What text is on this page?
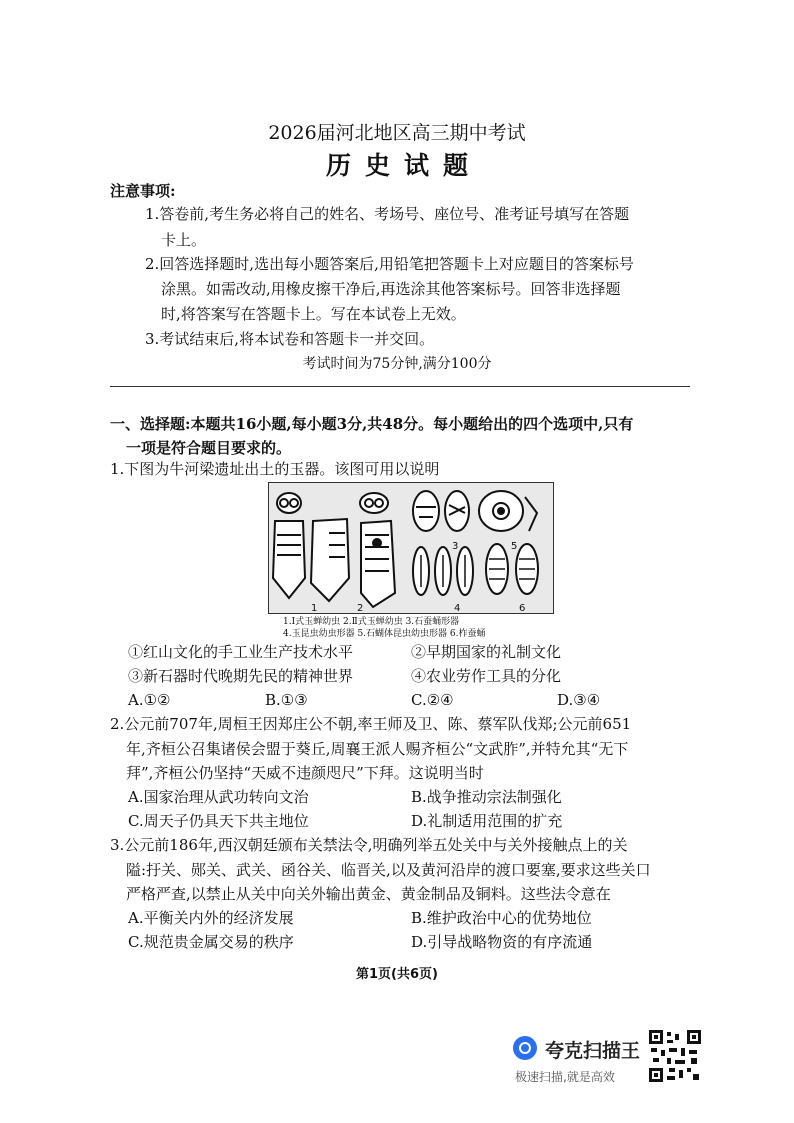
2026届河北地区高三期中考试
历史试题
注意事项:
1.答卷前,考生务必将自己的姓名、考场号、座位号、准考证号填写在答题
卡上。
2.回答选择题时,选出每小题答案后,用铅笔把答题卡上对应题目的答案标号
涂黑。如需改动,用橡皮擦干净后,再选涂其他答案标号。回答非选择题
时,将答案写在答题卡上。写在本试卷上无效。
3.考试结束后,将本试卷和答题卡一并交回。
考试时间为75分钟,满分100分
一、选择题:本题共16小题,每小题3分,共48分。每小题给出的四个选项中,只有
一项是符合题目要求的。
1.下图为牛河梁遗址出土的玉器。该图可用以说明
1	2
3
4
5
6
1.Ⅰ式玉蝉幼虫 2.Ⅱ式玉蝉幼虫 3.石蚕蛹形器
4.玉昆虫幼虫形器 5.石蝴体昆虫幼虫形器 6.柞蚕蛹
①红山文化的手工业生产技术水平	②早期国家的礼制文化
③新石器时代晚期先民的精神世界	④农业劳作工具的分化
A.①②	B.①③	C.②④	D.③④
2.公元前707年,周桓王因郑庄公不朝,率王师及卫、陈、蔡军队伐郑;公元前651
年,齐桓公召集诸侯会盟于葵丘,周襄王派人赐齐桓公“文武胙”,并特允其“无下
拜”,齐桓公仍坚持“天威不违颜咫尺”下拜。这说明当时
A.国家治理从武功转向文治	B.战争推动宗法制强化
C.周天子仍具天下共主地位	D.礼制适用范围的扩充
3.公元前186年,西汉朝廷颁布关禁法令,明确列举五处关中与关外接触点上的关
隘:扜关、郧关、武关、函谷关、临晋关,以及黄河沿岸的渡口要塞,要求这些关口
严格严查,以禁止从关中向关外输出黄金、黄金制品及铜料。这些法令意在
A.平衡关内外的经济发展	B.维护政治中心的优势地位
C.规范贵金属交易的秩序	D.引导战略物资的有序流通
第1页(共6页)
夸克扫描王
极速扫描,就是高效
